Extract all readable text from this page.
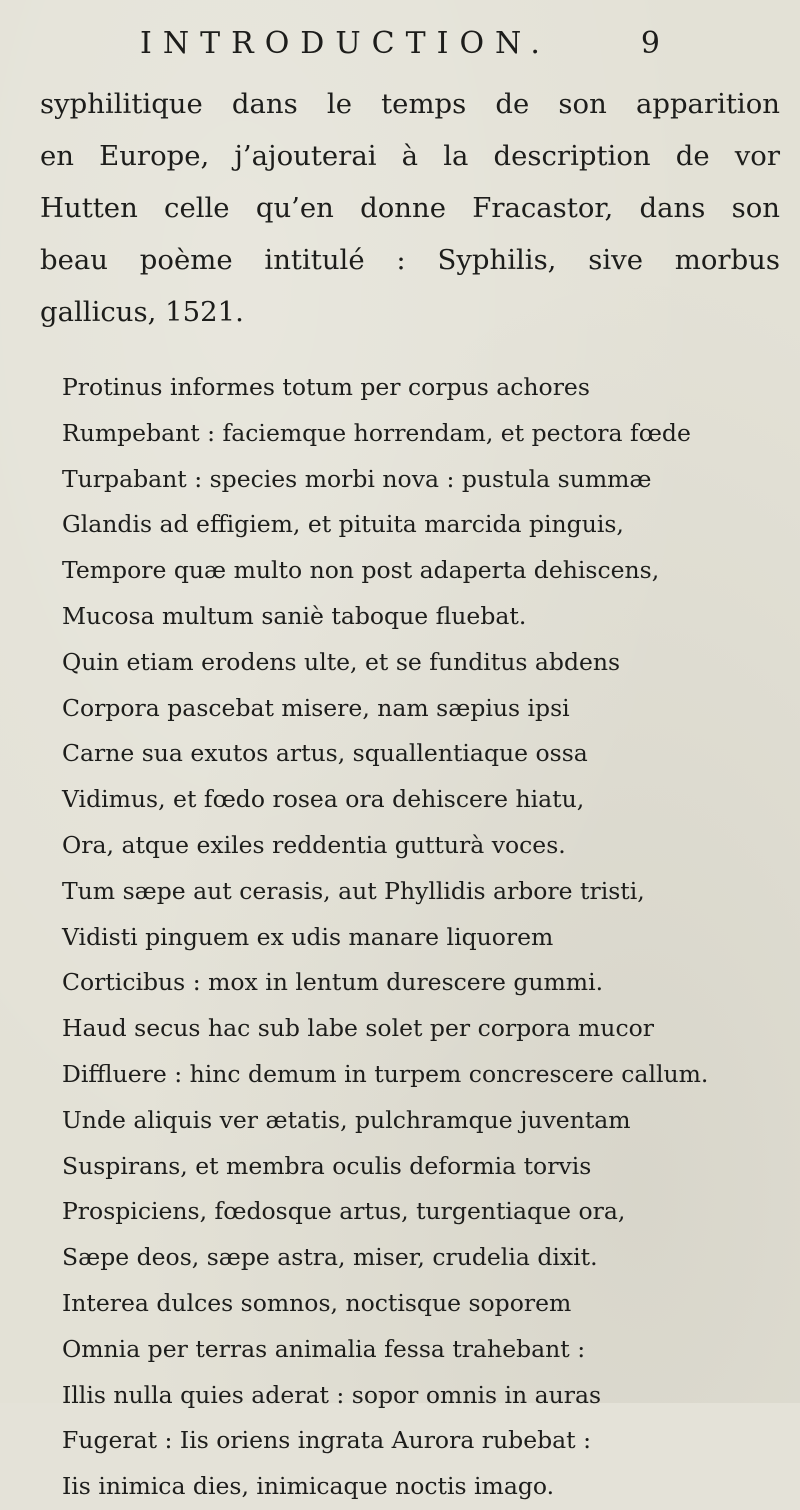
INTRODUCTION.	9
syphilitique dans le temps de son apparition
en Europe, j’ajouterai à la description de vor
Hutten celle qu’en donne Fracastor, dans son
beau poème intitulé : Syphilis, sive morbus
gallicus, 1521.
Protinus informes totum per corpus achores
Rumpebant : faciemque horrendam, et pectora fœde
Turpabant : species morbi nova : pustula summæ
Glandis ad effigiem, et pituita marcida pinguis,
Tempore quæ multo non post adaperta dehiscens,
Mucosa multum saniè taboque fluebat.
Quin etiam erodens ulte, et se funditus abdens
Corpora pascebat misere, nam sæpius ipsi
Carne sua exutos artus, squallentiaque ossa
Vidimus, et fœdo rosea ora dehiscere hiatu,
Ora, atque exiles reddentia gutturà voces.
Tum sæpe aut cerasis, aut Phyllidis arbore tristi,
Vidisti pinguem ex udis manare liquorem
Corticibus : mox in lentum durescere gummi.
Haud secus hac sub labe solet per corpora mucor
Diffluere : hinc demum in turpem concrescere callum.
Unde aliquis ver ætatis, pulchramque juventam
Suspirans, et membra oculis deformia torvis
Prospiciens, fœdosque artus, turgentiaque ora,
Sæpe deos, sæpe astra, miser, crudelia dixit.
Interea dulces somnos, noctisque soporem
Omnia per terras animalia fessa trahebant :
Illis nulla quies aderat : sopor omnis in auras
Fugerat : Iis oriens ingrata Aurora rubebat :
Iis inimica dies, inimicaque noctis imago.
